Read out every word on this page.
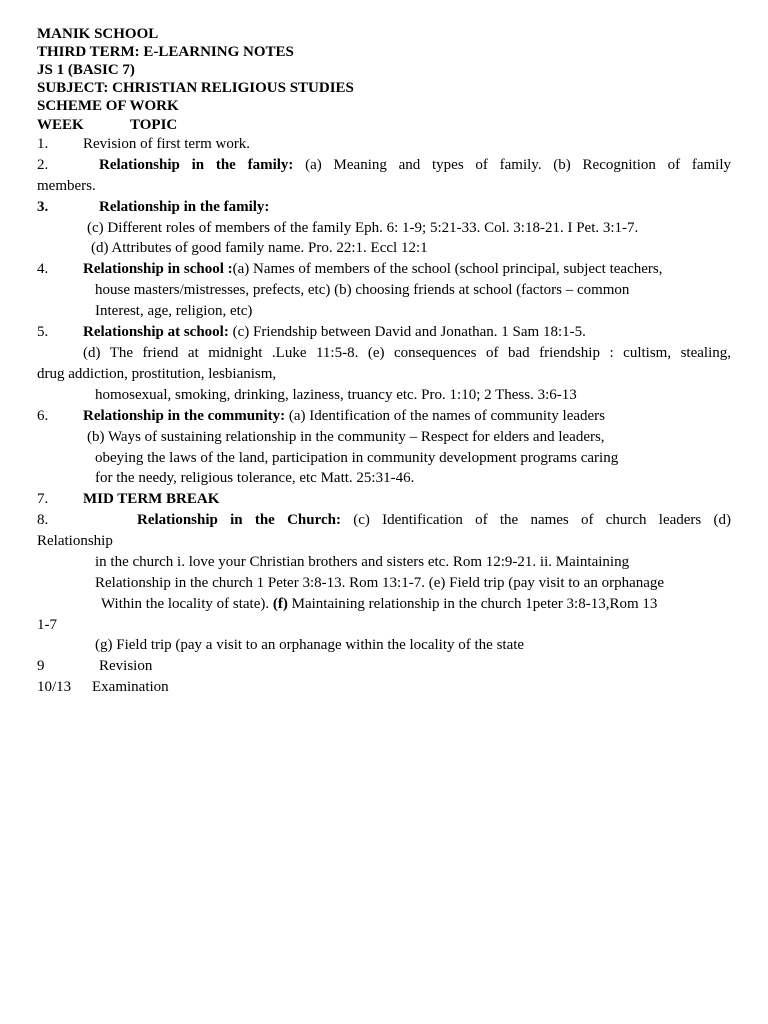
MANIK SCHOOL
THIRD TERM: E-LEARNING NOTES
JS 1 (BASIC 7)
SUBJECT: CHRISTIAN RELIGIOUS STUDIES
SCHEME OF WORK
WEEK	TOPIC
1. Revision of first term work.
2.	Relationship in the family: (a) Meaning and types of family. (b) Recognition of family
members.
3.	Relationship in the family:
(c) Different roles of members of the family Eph. 6: 1-9; 5:21-33. Col. 3:18-21. I Pet. 3:1-7.
(d) Attributes of good family name. Pro. 22:1. Eccl 12:1
4. Relationship in school :(a) Names of members of the school (school principal, subject teachers,
house masters/mistresses, prefects, etc) (b) choosing friends at school (factors – common
Interest, age, religion, etc)
5. Relationship at school: (c) Friendship between David and Jonathan. 1 Sam 18:1-5.
(d) The friend at midnight .Luke 11:5-8. (e) consequences of bad friendship : cultism, stealing,
drug addiction, prostitution, lesbianism,
homosexual, smoking, drinking, laziness, truancy etc. Pro. 1:10; 2 Thess. 3:6-13
6. Relationship in the community: (a) Identification of the names of community leaders
(b) Ways of sustaining relationship in the community – Respect for elders and leaders,
obeying the laws of the land, participation in community development programs caring
for the needy, religious tolerance, etc Matt. 25:31-46.
7. MID TERM BREAK
8.	Relationship in the Church: (c) Identification of the names of church leaders (d)
Relationship
in the church i. love your Christian brothers and sisters etc. Rom 12:9-21. ii. Maintaining
Relationship in the church 1 Peter 3:8-13. Rom 13:1-7. (e) Field trip (pay visit to an orphanage
Within the locality of state). (f) Maintaining relationship in the church 1peter 3:8-13,Rom 13
1-7
(g) Field trip (pay a visit to an orphanage within the locality of the state
9	Revision
10/13 Examination
